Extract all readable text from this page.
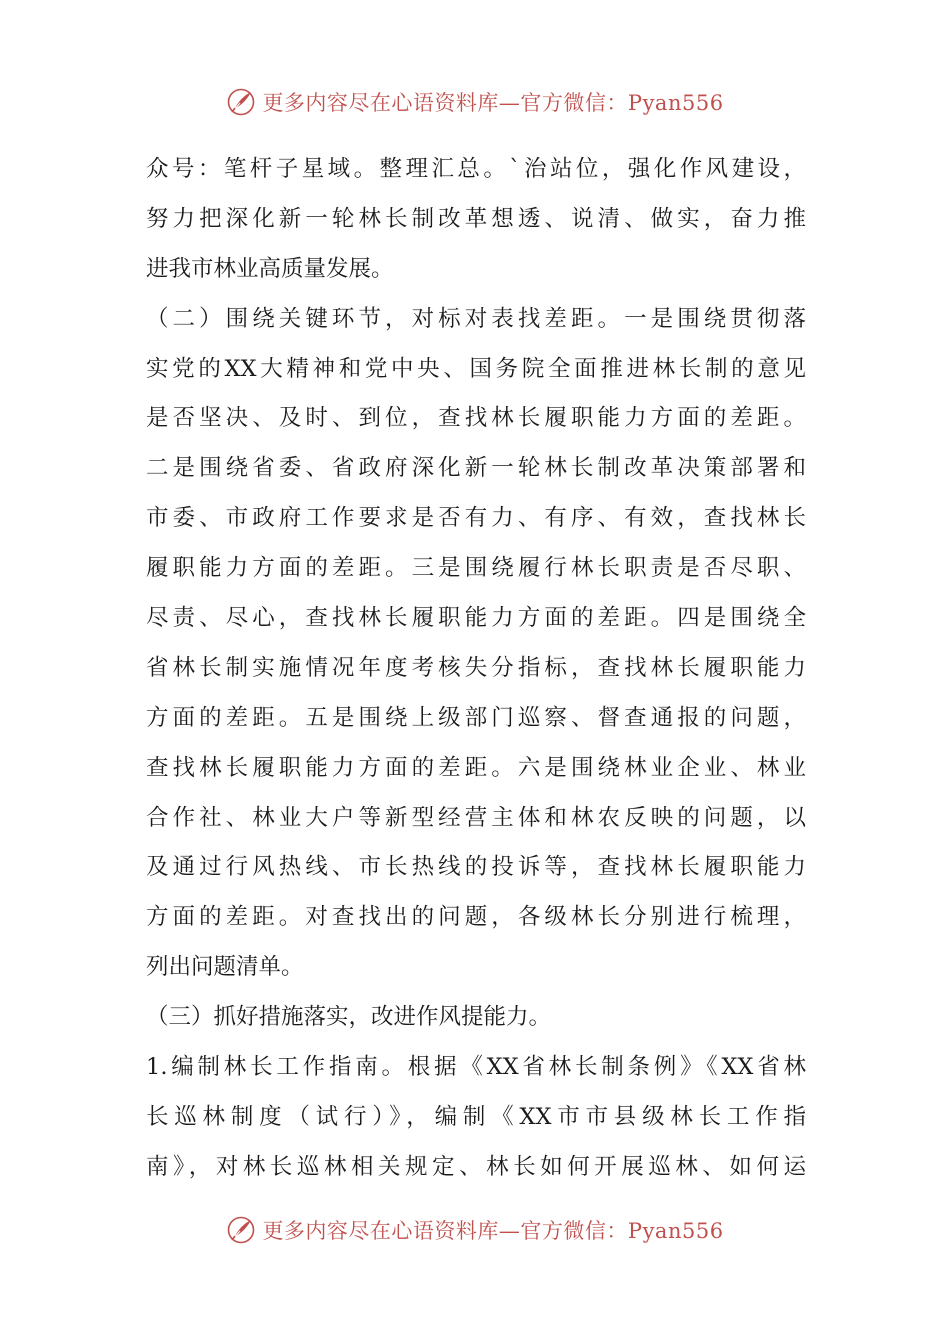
更多内容尽在心语资料库—官方微信：Pyan556
众号：笔杆子星域。整理汇总。`治站位，强化作风建设，
努力把深化新一轮林长制改革想透、说清、做实，奋力推
进我市林业高质量发展。
（二）围绕关键环节，对标对表找差距。一是围绕贯彻落
实党的XX大精神和党中央、国务院全面推进林长制的意见
是否坚决、及时、到位，查找林长履职能力方面的差距。
二是围绕省委、省政府深化新一轮林长制改革决策部署和
市委、市政府工作要求是否有力、有序、有效，查找林长
履职能力方面的差距。三是围绕履行林长职责是否尽职、
尽责、尽心，查找林长履职能力方面的差距。四是围绕全
省林长制实施情况年度考核失分指标，查找林长履职能力
方面的差距。五是围绕上级部门巡察、督查通报的问题，
查找林长履职能力方面的差距。六是围绕林业企业、林业
合作社、林业大户等新型经营主体和林农反映的问题，以
及通过行风热线、市长热线的投诉等，查找林长履职能力
方面的差距。对查找出的问题，各级林长分别进行梳理，
列出问题清单。
（三）抓好措施落实，改进作风提能力。
1.编制林长工作指南。根据《XX省林长制条例》《XX省林
长巡林制度（试行）》，编制《XX市市县级林长工作指
南》，对林长巡林相关规定、林长如何开展巡林、如何运
更多内容尽在心语资料库—官方微信：Pyan556
